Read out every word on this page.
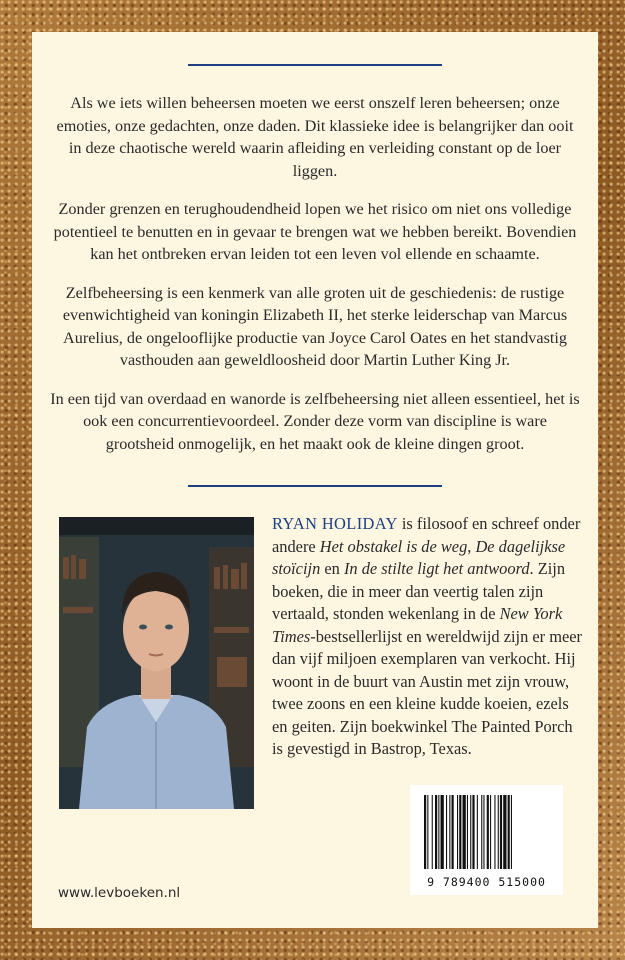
Als we iets willen beheersen moeten we eerst onszelf leren beheersen; onze emoties, onze gedachten, onze daden. Dit klassieke idee is belangrijker dan ooit in deze chaotische wereld waarin afleiding en verleiding constant op de loer liggen.

Zonder grenzen en terughoudendheid lopen we het risico om niet ons volledige potentieel te benutten en in gevaar te brengen wat we hebben bereikt. Bovendien kan het ontbreken ervan leiden tot een leven vol ellende en schaamte.

Zelfbeheersing is een kenmerk van alle groten uit de geschiedenis: de rustige evenwichtigheid van koningin Elizabeth II, het sterke leiderschap van Marcus Aurelius, de ongelooflijke productie van Joyce Carol Oates en het standvastig vasthouden aan geweldloosheid door Martin Luther King Jr.

In een tijd van overdaad en wanorde is zelfbeheersing niet alleen essentieel, het is ook een concurrentievoordeel. Zonder deze vorm van discipline is ware grootsheid onmogelijk, en het maakt ook de kleine dingen groot.

RYAN HOLIDAY is filosoof en schreef onder andere Het obstakel is de weg, De dagelijkse stoïcijn en In de stilte ligt het antwoord. Zijn boeken, die in meer dan veertig talen zijn vertaald, stonden wekenlang in de New York Times-bestsellerlijst en wereldwijd zijn er meer dan vijf miljoen exemplaren van verkocht. Hij woont in de buurt van Austin met zijn vrouw, twee zoons en een kleine kudde koeien, ezels en geiten. Zijn boekwinkel The Painted Porch is gevestigd in Bastrop, Texas.
9 789400 515000
www.levboeken.nl
